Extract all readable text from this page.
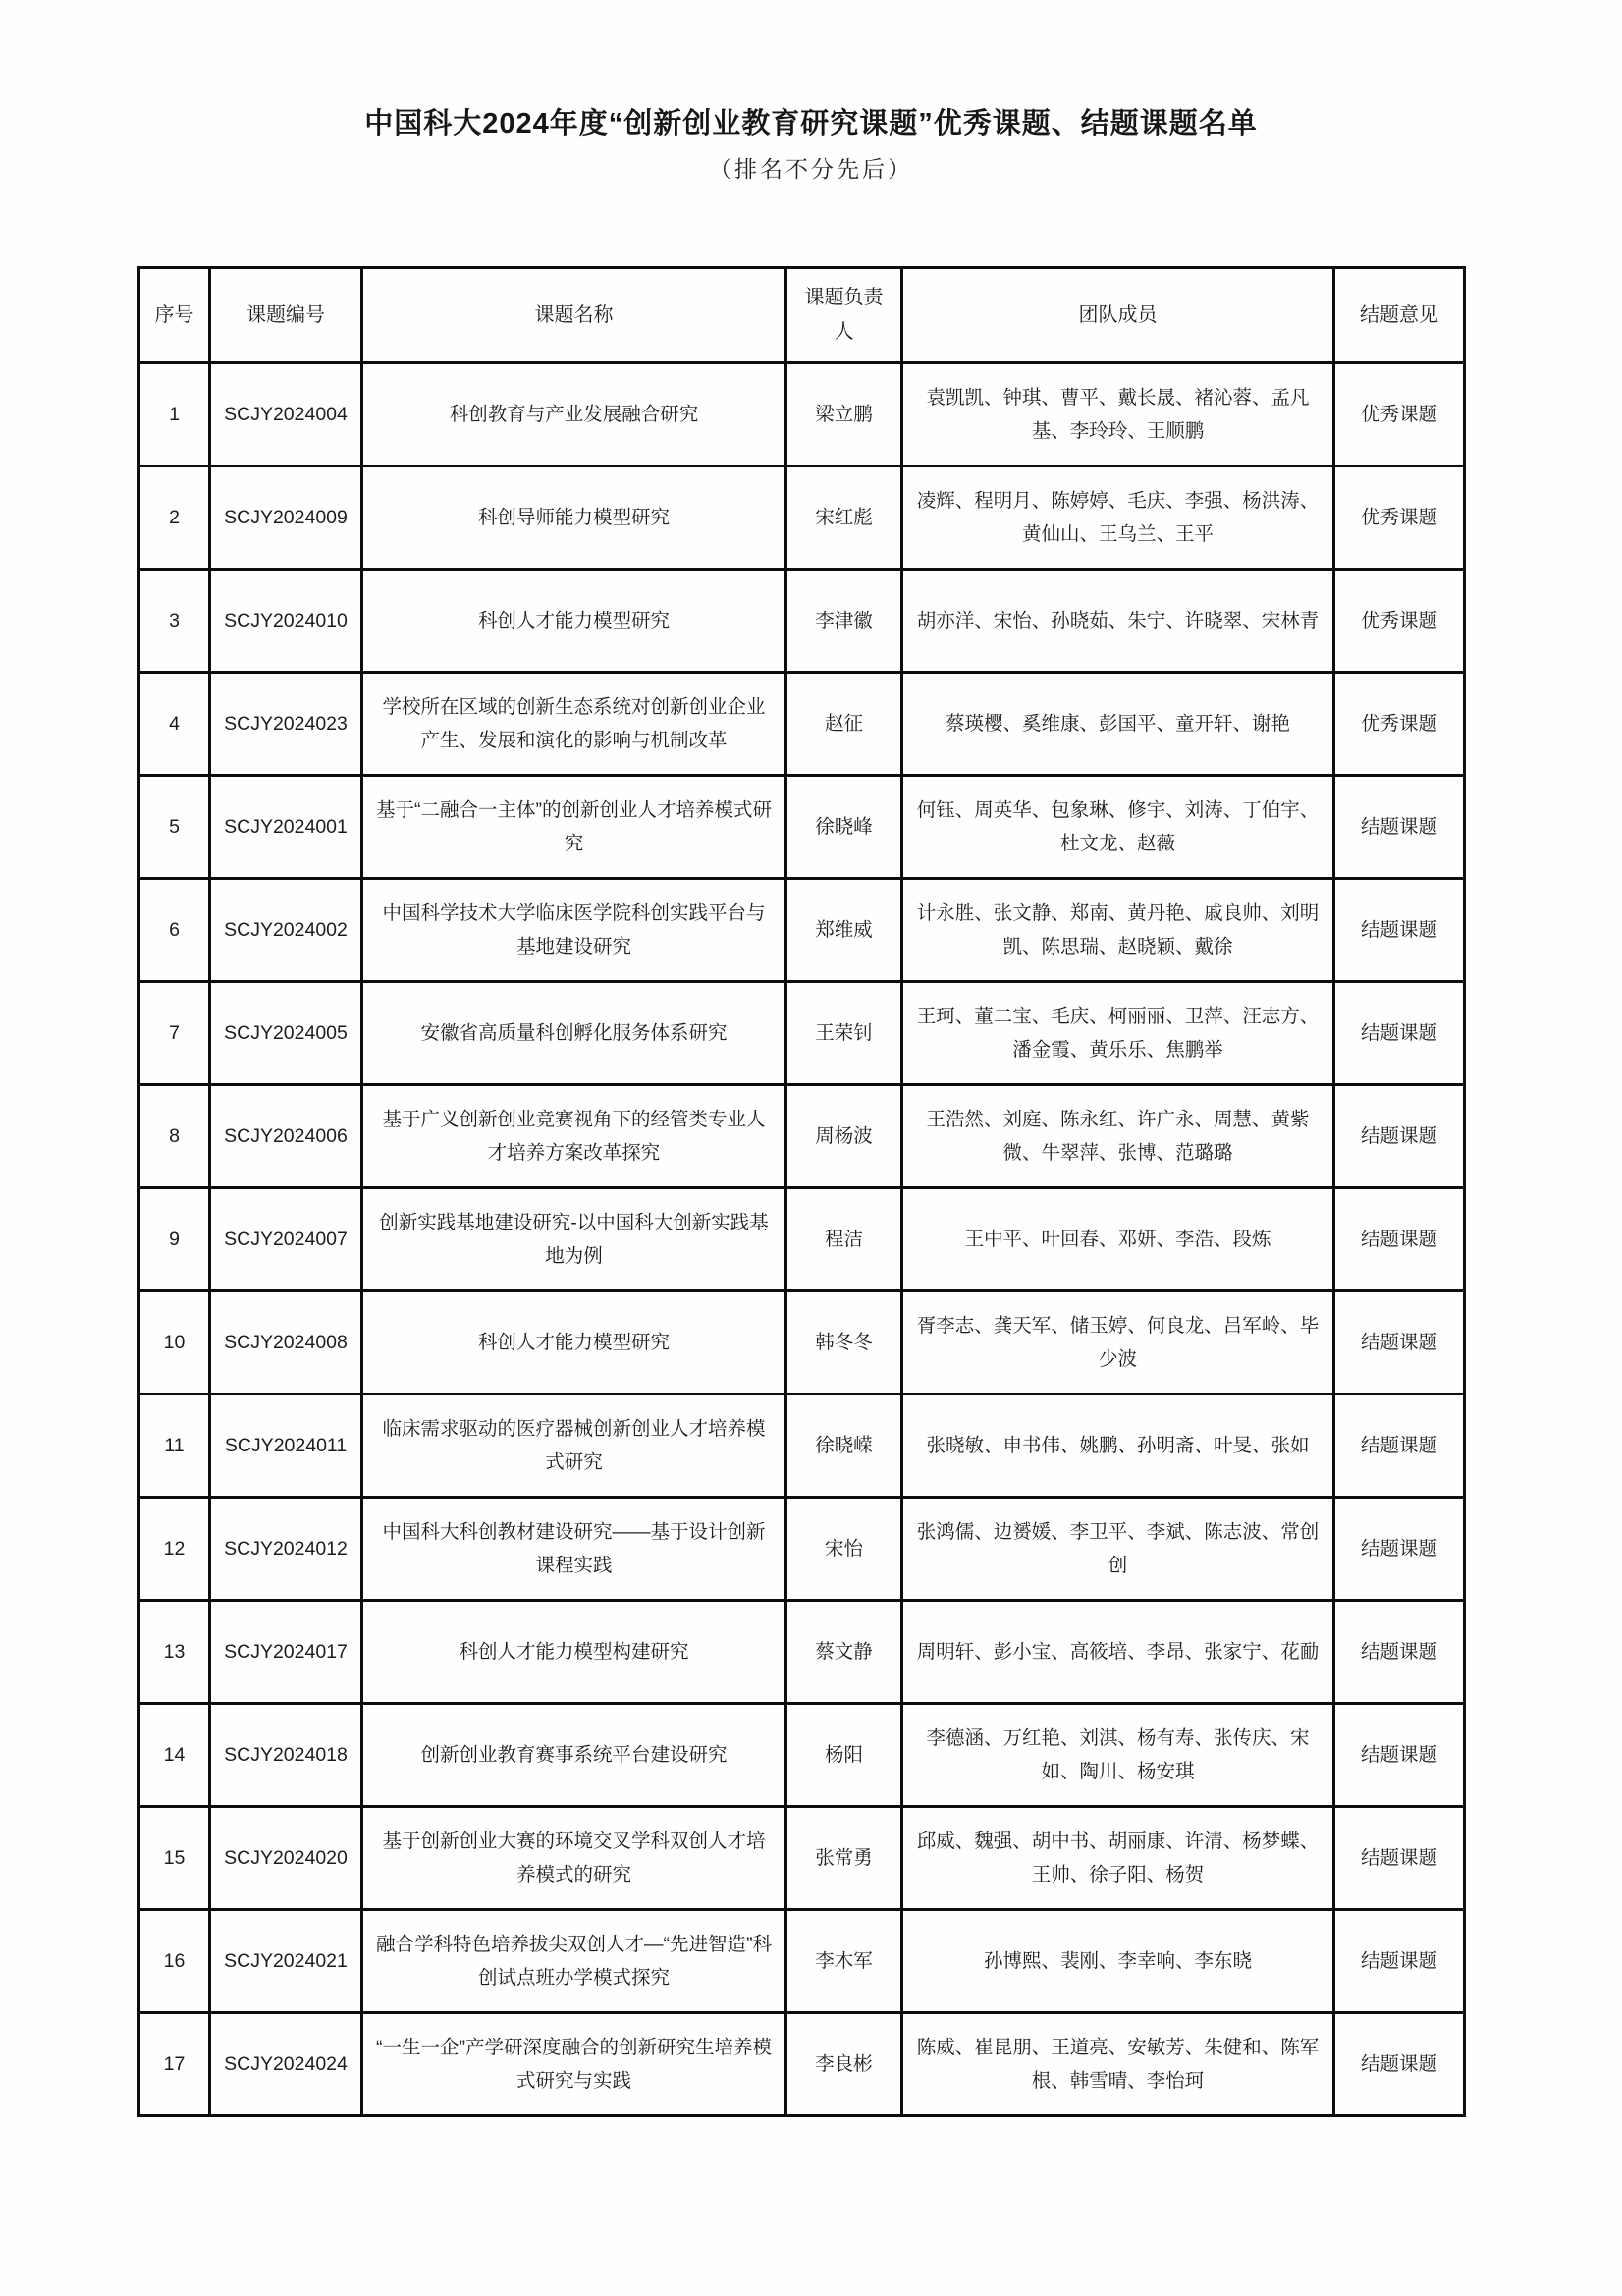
中国科大2024年度“创新创业教育研究课题”优秀课题、结题课题名单
（排名不分先后）
序号	课题编号	课题名称	课题负责人	团队成员	结题意见
1	SCJY2024004	科创教育与产业发展融合研究	梁立鹏	袁凯凯、钟琪、曹平、戴长晟、褚沁蓉、孟凡基、李玲玲、王顺鹏	优秀课题
2	SCJY2024009	科创导师能力模型研究	宋红彪	凌辉、程明月、陈婷婷、毛庆、李强、杨洪涛、黄仙山、王乌兰、王平	优秀课题
3	SCJY2024010	科创人才能力模型研究	李津徽	胡亦洋、宋怡、孙晓茹、朱宁、许晓翠、宋林青	优秀课题
4	SCJY2024023	学校所在区域的创新生态系统对创新创业企业产生、发展和演化的影响与机制改革	赵征	蔡瑛樱、奚维康、彭国平、童开轩、谢艳	优秀课题
5	SCJY2024001	基于“二融合一主体”的创新创业人才培养模式研究	徐晓峰	何钰、周英华、包象琳、修宇、刘涛、丁伯宇、杜文龙、赵薇	结题课题
6	SCJY2024002	中国科学技术大学临床医学院科创实践平台与基地建设研究	郑维威	计永胜、张文静、郑南、黄丹艳、戚良帅、刘明凯、陈思瑞、赵晓颖、戴徐	结题课题
7	SCJY2024005	安徽省高质量科创孵化服务体系研究	王荣钊	王珂、董二宝、毛庆、柯丽丽、卫萍、汪志方、潘金霞、黄乐乐、焦鹏举	结题课题
8	SCJY2024006	基于广义创新创业竞赛视角下的经管类专业人才培养方案改革探究	周杨波	王浩然、刘庭、陈永红、许广永、周慧、黄紫微、牛翠萍、张博、范璐璐	结题课题
9	SCJY2024007	创新实践基地建设研究-以中国科大创新实践基地为例	程洁	王中平、叶回春、邓妍、李浩、段炼	结题课题
10	SCJY2024008	科创人才能力模型研究	韩冬冬	胥李志、龚天军、储玉婷、何良龙、吕军岭、毕少波	结题课题
11	SCJY2024011	临床需求驱动的医疗器械创新创业人才培养模式研究	徐晓嵘	张晓敏、申书伟、姚鹏、孙明斋、叶旻、张如	结题课题
12	SCJY2024012	中国科大科创教材建设研究——基于设计创新课程实践	宋怡	张鸿儒、边赟媛、李卫平、李斌、陈志波、常创创	结题课题
13	SCJY2024017	科创人才能力模型构建研究	蔡文静	周明轩、彭小宝、高筱培、李昂、张家宁、花勔	结题课题
14	SCJY2024018	创新创业教育赛事系统平台建设研究	杨阳	李德涵、万红艳、刘淇、杨有寿、张传庆、宋如、陶川、杨安琪	结题课题
15	SCJY2024020	基于创新创业大赛的环境交叉学科双创人才培养模式的研究	张常勇	邱威、魏强、胡中书、胡丽康、许清、杨梦蝶、王帅、徐子阳、杨贺	结题课题
16	SCJY2024021	融合学科特色培养拔尖双创人才—“先进智造”科创试点班办学模式探究	李木军	孙博熙、裴刚、李幸响、李东晓	结题课题
17	SCJY2024024	“一生一企”产学研深度融合的创新研究生培养模式研究与实践	李良彬	陈威、崔昆朋、王道亮、安敏芳、朱健和、陈军根、韩雪晴、李怡珂	结题课题
